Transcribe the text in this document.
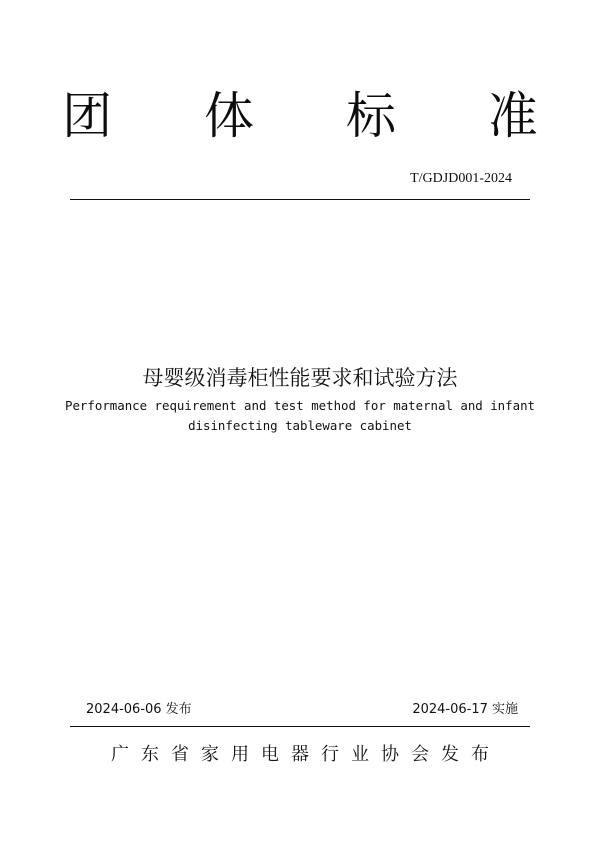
团 体 标 准
T/GDJD001-2024
母婴级消毒柜性能要求和试验方法
Performance requirement and test method for maternal and infant
disinfecting tableware cabinet
2024-06-06 发布	2024-06-17 实施
广东省家用电器行业协会发布
